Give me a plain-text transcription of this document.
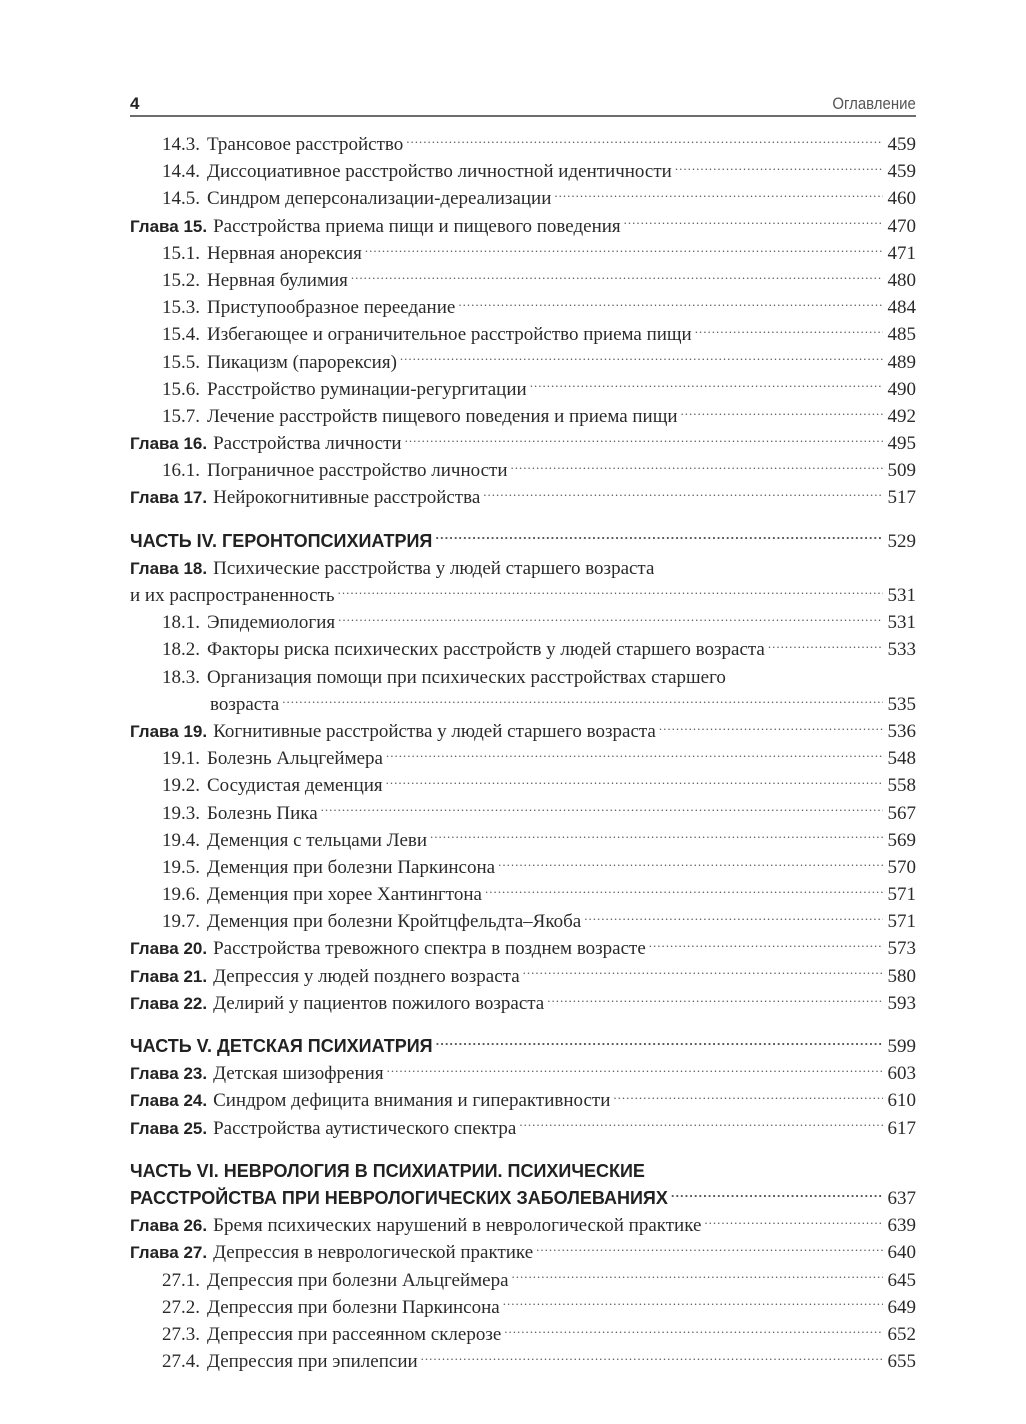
4	Оглавление
14.3. Трансовое расстройство .....	459
14.4. Диссоциативное расстройство личностной идентичности .....	459
14.5. Синдром деперсонализации-дереализации .....	460
Глава 15. Расстройства приема пищи и пищевого поведения .....	470
15.1. Нервная анорексия .....	471
15.2. Нервная булимия .....	480
15.3. Приступообразное переедание .....	484
15.4. Избегающее и ограничительное расстройство приема пищи .....	485
15.5. Пикацизм (парорексия) .....	489
15.6. Расстройство руминации-регургитации .....	490
15.7. Лечение расстройств пищевого поведения и приема пищи .....	492
Глава 16. Расстройства личности .....	495
16.1. Пограничное расстройство личности .....	509
Глава 17. Нейрокогнитивные расстройства .....	517
ЧАСТЬ IV. ГЕРОНТОПСИХИАТРИЯ .....	529
Глава 18. Психические расстройства у людей старшего возраста
и их распространенность .....	531
18.1. Эпидемиология .....	531
18.2. Факторы риска психических расстройств у людей старшего возраста .....	533
18.3. Организация помощи при психических расстройствах старшего
возраста .....	535
Глава 19. Когнитивные расстройства у людей старшего возраста .....	536
19.1. Болезнь Альцгеймера .....	548
19.2. Сосудистая деменция .....	558
19.3. Болезнь Пика .....	567
19.4. Деменция с тельцами Леви .....	569
19.5. Деменция при болезни Паркинсона .....	570
19.6. Деменция при хорее Хантингтона .....	571
19.7. Деменция при болезни Кройтцфельдта–Якоба .....	571
Глава 20. Расстройства тревожного спектра в позднем возрасте .....	573
Глава 21. Депрессия у людей позднего возраста .....	580
Глава 22. Делирий у пациентов пожилого возраста .....	593
ЧАСТЬ V. ДЕТСКАЯ ПСИХИАТРИЯ .....	599
Глава 23. Детская шизофрения .....	603
Глава 24. Синдром дефицита внимания и гиперактивности .....	610
Глава 25. Расстройства аутистического спектра .....	617
ЧАСТЬ VI. НЕВРОЛОГИЯ В ПСИХИАТРИИ. ПСИХИЧЕСКИЕ
РАССТРОЙСТВА ПРИ НЕВРОЛОГИЧЕСКИХ ЗАБОЛЕВАНИЯХ .....	637
Глава 26. Бремя психических нарушений в неврологической практике .....	639
Глава 27. Депрессия в неврологической практике .....	640
27.1. Депрессия при болезни Альцгеймера .....	645
27.2. Депрессия при болезни Паркинсона .....	649
27.3. Депрессия при рассеянном склерозе .....	652
27.4. Депрессия при эпилепсии .....	655
